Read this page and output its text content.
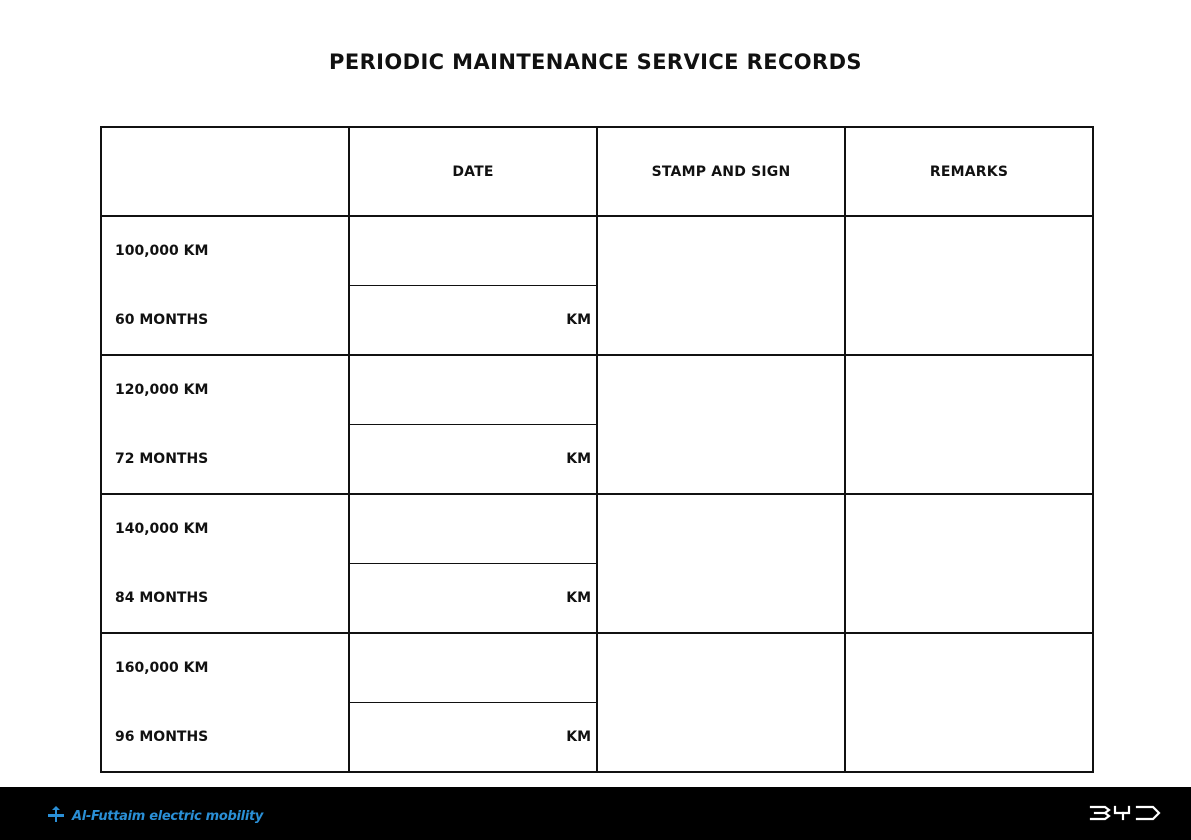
PERIODIC MAINTENANCE SERVICE RECORDS
	DATE	STAMP AND SIGN	REMARKS
100,000 KM			
60 MONTHS	KM		
120,000 KM			
72 MONTHS	KM		
140,000 KM			
84 MONTHS	KM		
160,000 KM			
96 MONTHS	KM		
Al-Futtaim electric mobility
